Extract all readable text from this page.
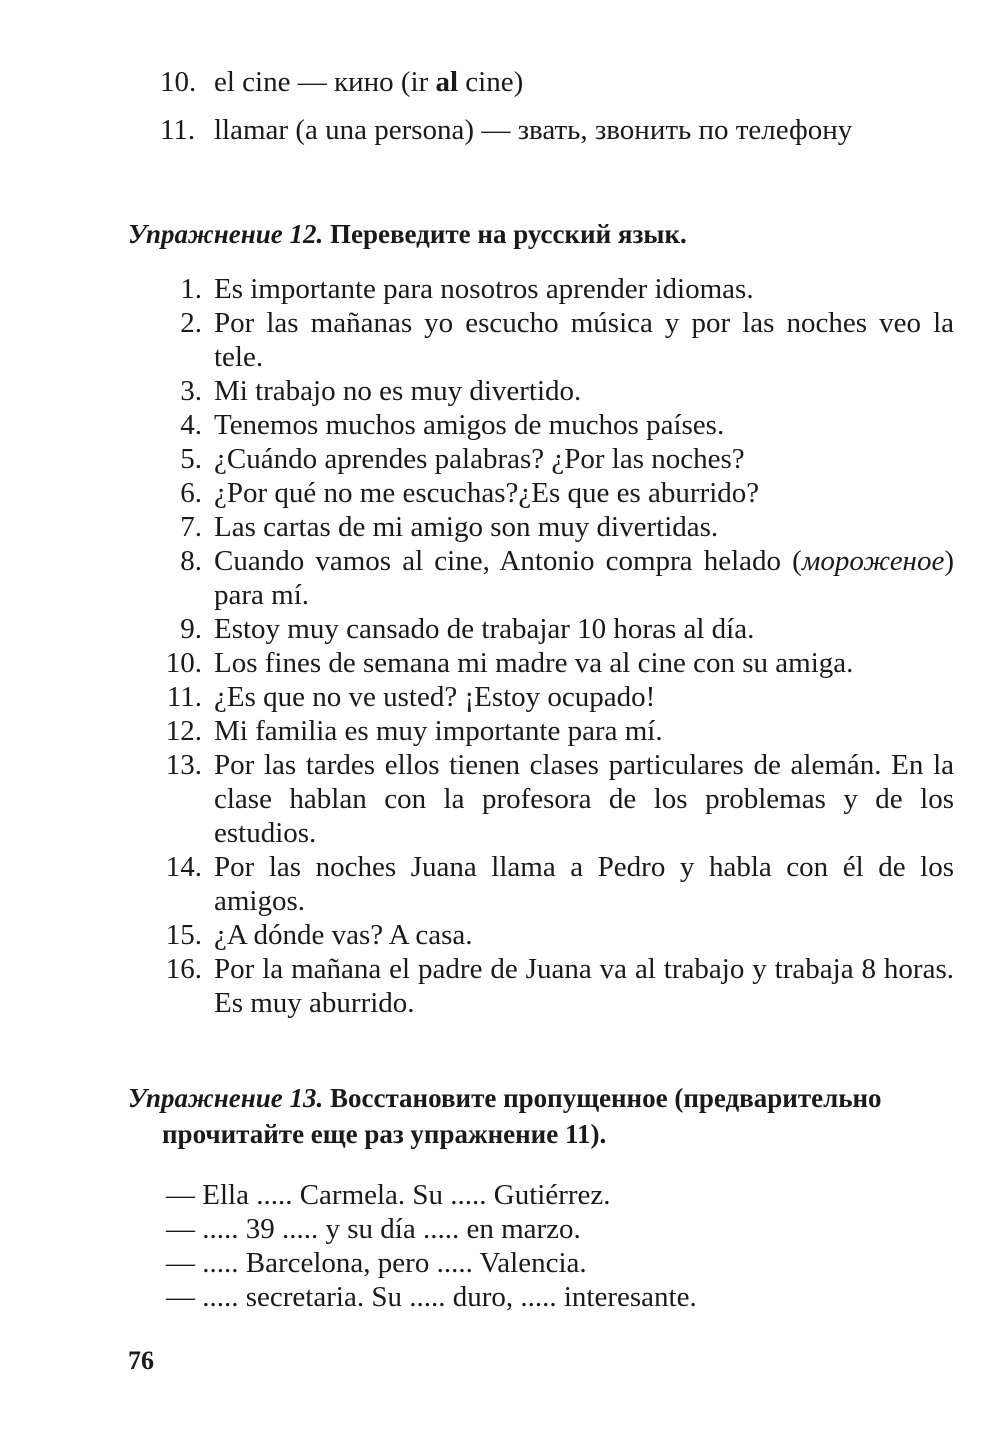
10. el cine — кино (ir al cine)
11. llamar (a una persona) — звать, звонить по телефону
Упражнение 12. Переведите на русский язык.
1. Es importante para nosotros aprender idiomas.
2. Por las mañanas yo escucho música y por las noches veo la tele.
3. Mi trabajo no es muy divertido.
4. Tenemos muchos amigos de muchos países.
5. ¿Cuándo aprendes palabras? ¿Por las noches?
6. ¿Por qué no me escuchas?¿Es que es aburrido?
7. Las cartas de mi amigo son muy divertidas.
8. Cuando vamos al cine, Antonio compra helado (мороженое) para mí.
9. Estoy muy cansado de trabajar 10 horas al día.
10. Los fines de semana mi madre va al cine con su amiga.
11. ¿Es que no ve usted? ¡Estoy ocupado!
12. Mi familia es muy importante para mí.
13. Por las tardes ellos tienen clases particulares de alemán. En la clase hablan con la profesora de los problemas y de los estudios.
14. Por las noches Juana llama a Pedro y habla con él de los amigos.
15. ¿A dónde vas? A casa.
16. Por la mañana el padre de Juana va al trabajo y trabaja 8 horas. Es muy aburrido.
Упражнение 13. Восстановите пропущенное (предварительно
прочитайте еще раз упражнение 11).
— Ella ..... Carmela. Su ..... Gutiérrez.
— ..... 39 ..... y su día ..... en marzo.
— ..... Barcelona, pero ..... Valencia.
— ..... secretaria. Su ..... duro, ..... interesante.
76
